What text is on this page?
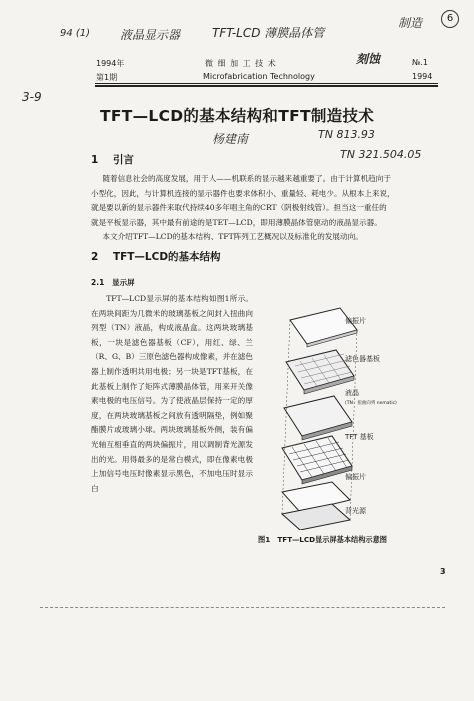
94 (1) 液晶显示器	TFT-LCD 薄膜晶体管
制造	6
刻蚀
1994年
第1期
微 细 加 工 技 术
Microfabrication Technology
№.1
1994
3-9
TFT—LCD的基本结构和TFT制造技术
杨建南	TN 813.93
TN 321.504.05
1 引言

随着信息社会的高度发展，用于人——机联系的显示越来越重要了。由于计算机趋向于

小型化，因此，与计算机连接的显示器件也要求体积小、重量轻、耗电少。从根本上来说，

就是要以新的显示器件来取代持续40多年唱主角的CRT（阴极射线管）。担当这一重任的

就是平板显示器，其中最有前途的是TET—LCD，即用薄膜晶体管驱动的液晶显示器。

本文介绍TFT—LCD的基本结构、TFT阵列工艺概况以及标准化的发展动向。

2 TFT—LCD的基本结构
2.1 显示屏

TFT—LCD显示屏的基本结构如图1所示。在两块间距为几微米的玻璃基板之间封入扭曲向列型（TN）液晶，构成液晶盒。这两块玻璃基板，一块是滤色器基板（CF），用红、绿、兰（R、G、B）三原色滤色器构成像素，并在滤色器上制作透明共用电极；另一块是TFT基板，在此基板上制作了矩阵式薄膜晶体管，用来开关像素电极的电压信号。为了使液晶层保持一定的厚度，在两块玻璃基板之间放有透明隔垫，例如聚酯膜片或玻璃小球。两块玻璃基板外侧，装有偏光轴互相垂直的两块偏振片，用以调制背光源发出的光。用得最多的是常白模式，即在像素电极上加信号电压时像素显示黑色，不加电压时显示白

偏振片
滤色器基板
液晶
(TN：扭曲向列 nematic)
TFT 基板
偏振片
背光源
图1　TFT—LCD显示屏基本结构示意图
3
